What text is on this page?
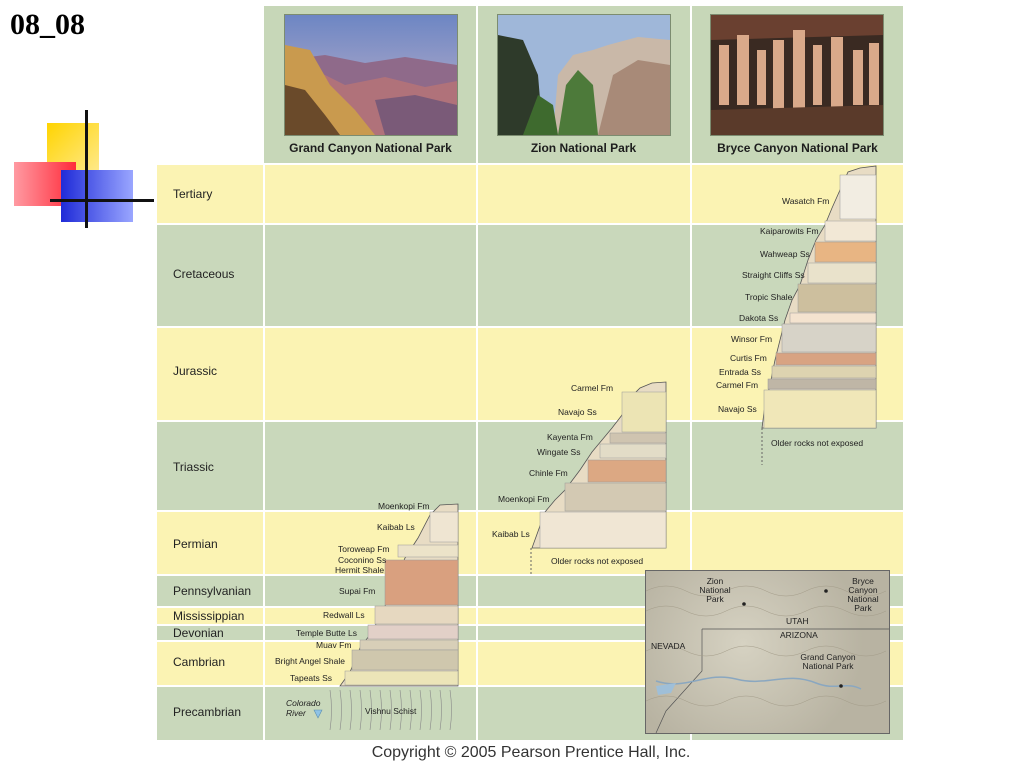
08_08
Grand Canyon National Park	Zion National Park	Bryce Canyon National Park
Tertiary
Cretaceous
Jurassic
Triassic
Permian
Pennsylvanian
Mississippian
Devonian
Cambrian
Precambrian
Moenkopi Fm
Kaibab Ls
Toroweap Fm
Coconino Ss
Hermit Shale
Supai Fm
Redwall Ls
Temple Butte Ls
Muav Fm
Bright Angel Shale
Tapeats Ss
Vishnu Schist
Colorado River
Carmel Fm
Navajo Ss
Kayenta Fm
Wingate Ss
Chinle Fm
Moenkopi Fm
Kaibab Ls
Older rocks not exposed
Wasatch Fm
Kaiparowits Fm
Wahweap Ss
Straight Cliffs Ss
Tropic Shale
Dakota Ss
Winsor Fm
Curtis Fm
Entrada Ss
Carmel Fm
Navajo Ss
Older rocks not exposed
Zion National Park
Bryce Canyon National Park
UTAH
ARIZONA
NEVADA
Grand Canyon National Park
Copyright © 2005 Pearson Prentice Hall, Inc.
